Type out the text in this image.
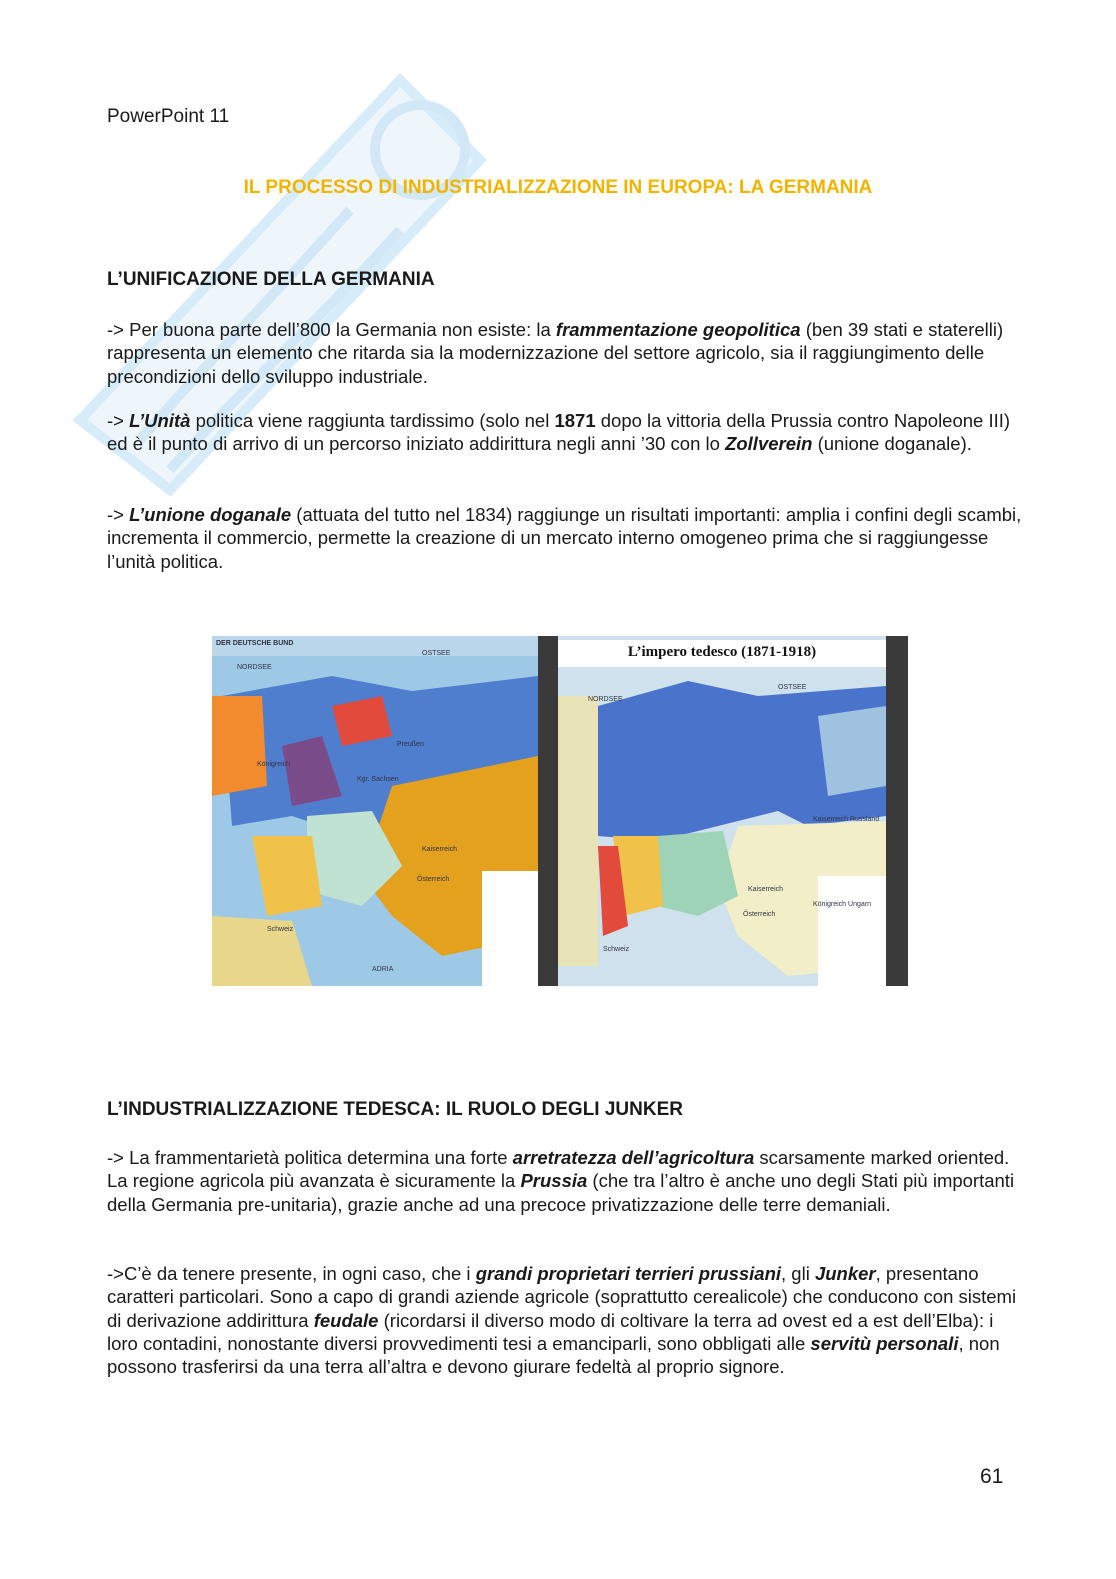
PowerPoint 11
IL PROCESSO DI INDUSTRIALIZZAZIONE IN EUROPA: LA GERMANIA
L’UNIFICAZIONE DELLA GERMANIA

-> Per buona parte dell’800 la Germania non esiste: la frammentazione geopolitica (ben 39 stati e staterelli) rappresenta un elemento che ritarda sia la modernizzazione del settore agricolo, sia il raggiungimento delle precondizioni dello sviluppo industriale.

-> L’Unità politica viene raggiunta tardissimo (solo nel 1871 dopo la vittoria della Prussia contro Napoleone III) ed è il punto di arrivo di un percorso iniziato addirittura negli anni ’30 con lo Zollverein (unione doganale).

-> L’unione doganale (attuata del tutto nel 1834) raggiunge un risultati importanti: amplia i confini degli scambi, incrementa il commercio, permette la creazione di un mercato interno omogeneo prima che si raggiungesse l’unità politica.

DER DEUTSCHE BUND
NORDSEE
OSTSEE
Preußen
Königreich
Kaiserreich
Österreich
Kgr. Sachsen
Schweiz
ADRIA
L’impero tedesco (1871-1918)
NORDSEE
OSTSEE
Kaiserreich Russland
Kaiserreich
Österreich
Königreich Ungarn
Schweiz
L’INDUSTRIALIZZAZIONE TEDESCA: IL RUOLO DEGLI JUNKER

-> La frammentarietà politica determina una forte arretratezza dell’agricoltura scarsamente marked oriented. La regione agricola più avanzata è sicuramente la Prussia (che tra l’altro è anche uno degli Stati più importanti della Germania pre-unitaria), grazie anche ad una precoce privatizzazione delle terre demaniali.

->C’è da tenere presente, in ogni caso, che i grandi proprietari terrieri prussiani, gli Junker, presentano caratteri particolari. Sono a capo di grandi aziende agricole (soprattutto cerealicole) che conducono con sistemi di derivazione addirittura feudale (ricordarsi il diverso modo di coltivare la terra ad ovest ed a est dell’Elba): i loro contadini, nonostante diversi provvedimenti tesi a emanciparli, sono obbligati alle servitù personali, non possono trasferirsi da una terra all’altra e devono giurare fedeltà al proprio signore.

61
